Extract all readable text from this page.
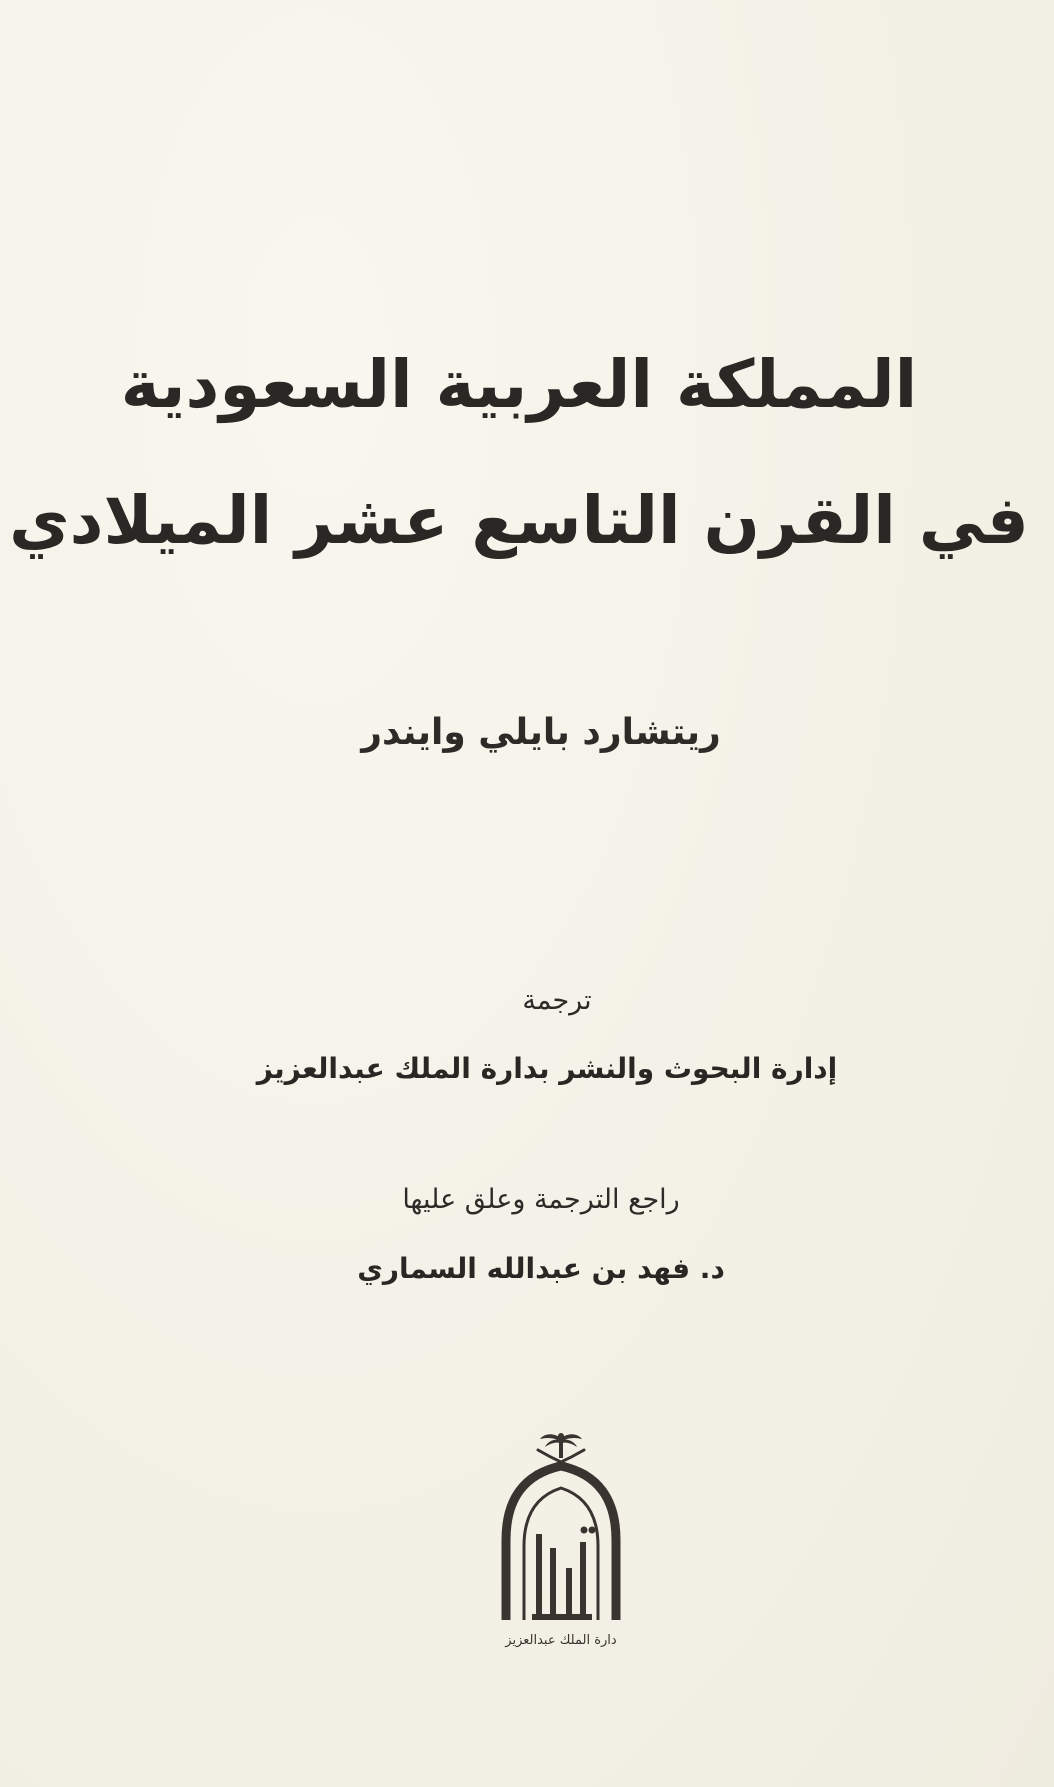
المملكة العربية السعودية
في القرن التاسع عشر الميلادي
ريتشارد بايلي وايندر
ترجمة
إدارة البحوث والنشر بدارة الملك عبدالعزيز
راجع الترجمة وعلق عليها
د. فهد بن عبدالله السماري
دارة الملك عبدالعزيز
